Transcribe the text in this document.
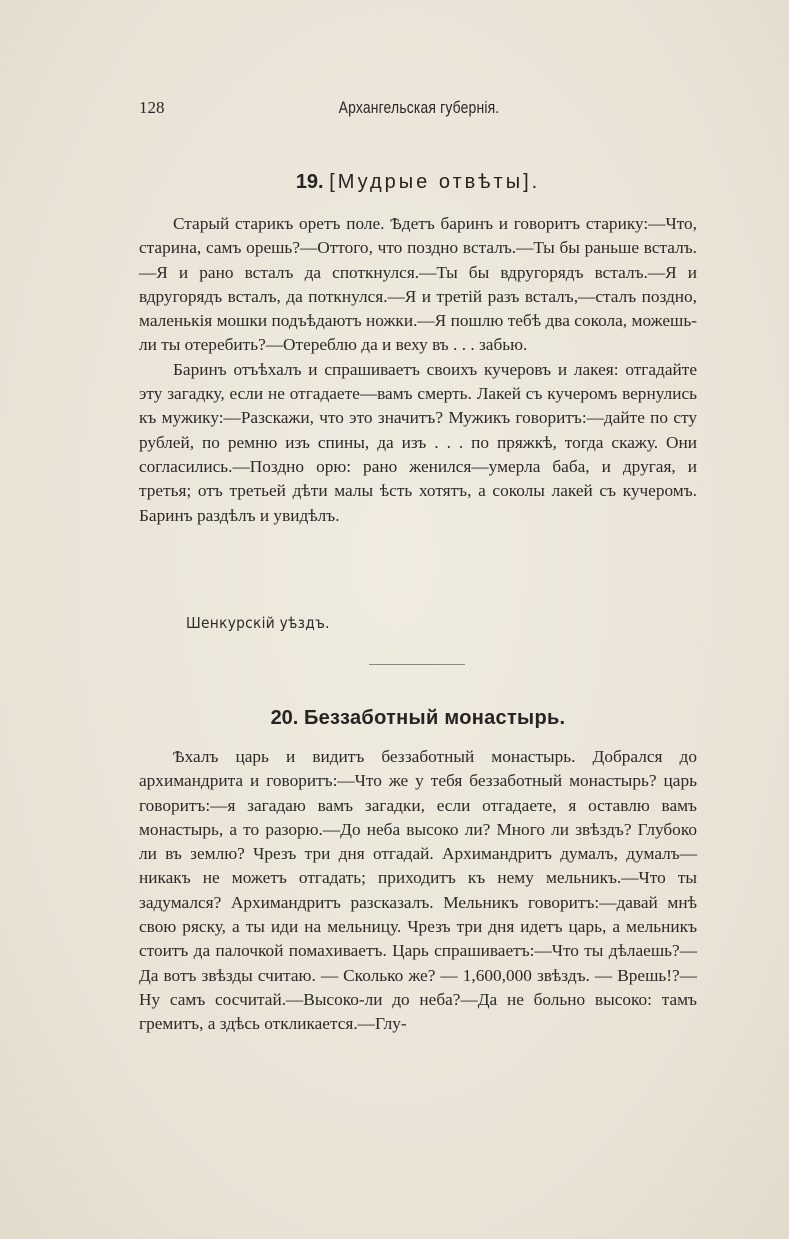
128	Архангельская губернія.
19. [Мудрые отвѣты].

Старый старикъ оретъ поле. Ѣдетъ баринъ и говоритъ старику:—Что, старина, самъ орешь?—Оттого, что поздно всталъ.—Ты бы раньше всталъ.—Я и рано всталъ да споткнулся.—Ты бы вдругорядъ всталъ.—Я и вдругорядъ всталъ, да поткнулся.—Я и третій разъ всталъ,—сталъ поздно, маленькія мошки подъѣдаютъ ножки.—Я пошлю тебѣ два сокола, можешь-ли ты отеребить?—Отереблю да и веху въ . . . забью.

Баринъ отъѣхалъ и спрашиваетъ своихъ кучеровъ и лакея: отгадайте эту загадку, если не отгадаете—вамъ смерть. Лакей съ кучеромъ вернулись къ мужику:—Разскажи, что это значитъ? Мужикъ говоритъ:—дайте по сту рублей, по ремню изъ спины, да изъ . . . по пряжкѣ, тогда скажу. Они согласились.—Поздно орю: рано женился—умерла баба, и другая, и третья; отъ третьей дѣти малы ѣсть хотятъ, а соколы лакей съ кучеромъ. Баринъ раздѣлъ и увидѣлъ.

Шенкурскій уѣздъ.
20. Беззаботный монастырь.

Ѣхалъ царь и видитъ беззаботный монастырь. Добрался до архимандрита и говоритъ:—Что же у тебя беззаботный монастырь? царь говоритъ:—я загадаю вамъ загадки, если отгадаете, я оставлю вамъ монастырь, а то разорю.—До неба высоко ли? Много ли звѣздъ? Глубоко ли въ землю? Чрезъ три дня отгадай. Архимандритъ думалъ, думалъ—никакъ не можетъ отгадать; приходитъ къ нему мельникъ.—Что ты задумался? Архимандритъ разсказалъ. Мельникъ говоритъ:—давай мнѣ свою ряску, а ты иди на мельницу. Чрезъ три дня идетъ царь, а мельникъ стоитъ да палочкой помахиваетъ. Царь спрашиваетъ:—Что ты дѣлаешь?—Да вотъ звѣзды считаю. — Сколько же? — 1,600,000 звѣздъ. — Врешь!?—Ну самъ сосчитай.—Высоко-ли до неба?—Да не больно высоко: тамъ гремитъ, а здѣсь откликается.—Глу-
